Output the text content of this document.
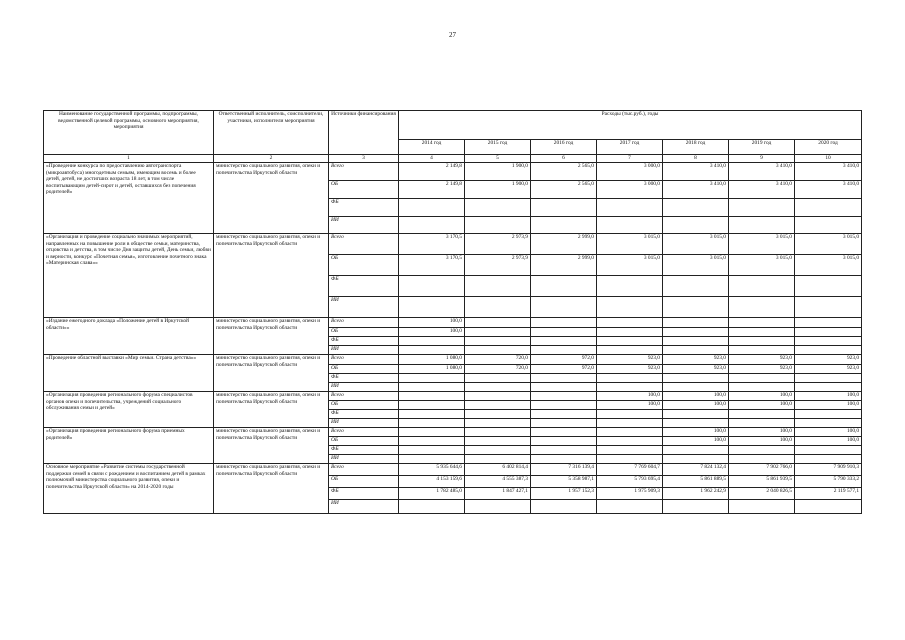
27
Наименование государственной программы, подпрограммы, ведомственной целевой программы, основного мероприятия, мероприятия	Ответственный исполнитель, соисполнители, участники, исполнители мероприятия	Источники финансирования	Расходы (тыс.руб.), годы						
			2014 год	2015 год	2016 год	2017 год	2018 год	2019 год	2020 год
1	2	3	4	5	6	7	8	9	10
«Проведение конкурса по предоставлению автотранспорта (микроавтобуса) многодетным семьям, имеющим восемь и более детей, детей, не достигших возраста 18 лет, в том числе воспитывающим детей-сирот и детей, оставшихся без попечения родителей»	министерство социального развития, опеки и попечительства Иркутской области	Всего	2 149,8	1 900,0	2 565,0	3 000,0	3 410,0	3 410,0	3 410,0
		ОБ	2 149,8	1 900,0	2 565,0	3 000,0	3 410,0	3 410,0	3 410,0
		ФБ							
		ИИ							
«Организация и проведение социально значимых мероприятий, направленных на повышение роли в обществе семьи, материнства, отцовства и детства, в том числе Дня защиты детей, День семьи, любви и верности, конкурс «Почетная семья», изготовление почетного знака «Материнская слава»»	министерство социального развития, опеки и попечительства Иркутской области	Всего	3 170,5	2 973,9	2 999,0	3 015,0	3 015,0	3 015,0	3 015,0
		ОБ	3 170,5	2 973,9	2 999,0	3 015,0	3 015,0	3 015,0	3 015,0
		ФБ							
		ИИ							
«Издание ежегодного доклада «Положение детей в Иркутской области»»	министерство социального развития, опеки и попечительства Иркутской области	Всего	100,0						
		ОБ	100,0						
		ФБ							
		ИИ							
«Проведение областной выставки «Мир семьи. Страна детства»»	министерство социального развития, опеки и попечительства Иркутской области	Всего	1 080,0	720,0	972,0	923,0	923,0	923,0	923,0
		ОБ	1 080,0	720,0	972,0	923,0	923,0	923,0	923,0
		ФБ							
		ИИ							
«Организация проведения регионального форума специалистов органов опеки и попечительства, учреждений социального обслуживания семьи и детей»	министерство социального развития, опеки и попечительства Иркутской области	Всего				100,0	100,0	100,0	100,0
		ОБ				100,0	100,0	100,0	100,0
		ФБ							
		ИИ							
«Организация проведения регионального форума приемных родителей»	министерство социального развития, опеки и попечительства Иркутской области	Всего					100,0	100,0	100,0
		ОБ					100,0	100,0	100,0
		ФБ							
		ИИ							
Основное мероприятие «Развитие системы государственной поддержки семей в связи с рождением и воспитанием детей в рамках полномочий министерства социального развития, опеки и попечительства Иркутской области» на 2014-2020 годы	министерство социального развития, опеки и попечительства Иркутской области	Всего	5 935 644,6	6 402 814,4	7 316 139,4	7 769 604,7	7 824 132,4	7 902 766,0	7 909 910,3
		ОБ	4 153 159,6	4 555 387,3	5 358 987,1	5 793 695,4	5 861 889,5	5 861 939,5	5 790 333,2
		ФБ	1 782 485,0	1 847 427,1	1 957 152,3	1 975 909,3	1 962 242,9	2 040 826,5	2 119 577,1
		ИИ							
